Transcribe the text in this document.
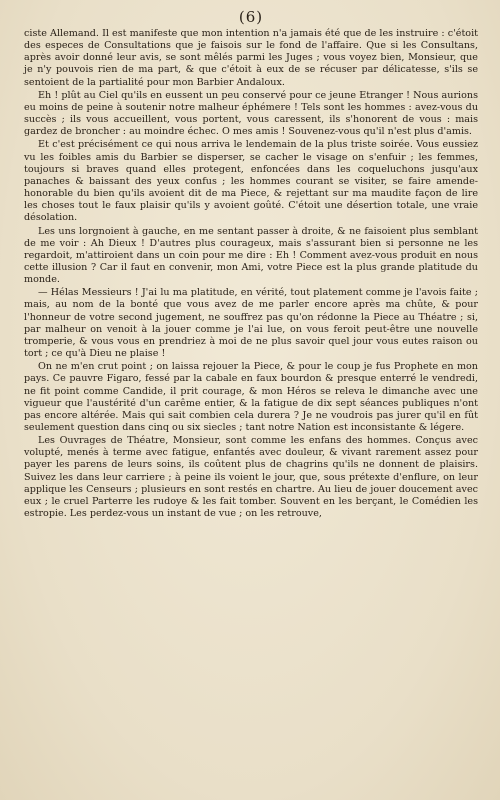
(6)

ciste Allemand. Il est manifeste que mon intention n'a jamais été que de les instruire : c'étoit des especes de Consultations que je faisois sur le fond de l'affaire. Que si les Consultans, après avoir donné leur avis, se sont mêlés parmi les Juges ; vous voyez bien, Monsieur, que je n'y pouvois rien de ma part, & que c'étoit à eux de se récuser par délicatesse, s'ils se sentoient de la partialité pour mon Barbier Andaloux.

Eh ! plût au Ciel qu'ils en eussent un peu conservé pour ce jeune Etranger ! Nous aurions eu moins de peine à soutenir notre malheur éphémere ! Tels sont les hommes : avez-vous du succès ; ils vous accueillent, vous portent, vous caressent, ils s'honorent de vous : mais gardez de broncher : au moindre échec. O mes amis ! Souvenez-vous qu'il n'est plus d'amis.

Et c'est précisément ce qui nous arriva le lendemain de la plus triste soirée. Vous eussiez vu les foibles amis du Barbier se disperser, se cacher le visage on s'enfuir ; les femmes, toujours si braves quand elles protegent, enfoncées dans les coqueluchons jusqu'aux panaches & baissant des yeux confus ; les hommes courant se visiter, se faire amende-honorable du bien qu'ils avoient dit de ma Piece, & rejettant sur ma maudite façon de lire les choses tout le faux plaisir qu'ils y avoient goûté. C'étoit une désertion totale, une vraie désolation.

Les uns lorgnoient à gauche, en me sentant passer à droite, & ne faisoient plus semblant de me voir : Ah Dieux ! D'autres plus courageux, mais s'assurant bien si personne ne les regardoit, m'attiroient dans un coin pour me dire : Eh ! Comment avez-vous produit en nous cette illusion ? Car il faut en convenir, mon Ami, votre Piece est la plus grande platitude du monde.

— Hélas Messieurs ! J'ai lu ma platitude, en vérité, tout platement comme je l'avois faite ; mais, au nom de la bonté que vous avez de me parler encore après ma chûte, & pour l'honneur de votre second jugement, ne souffrez pas qu'on rédonne la Piece au Théatre ; si, par malheur on venoit à la jouer comme je l'ai lue, on vous feroit peut-être une nouvelle tromperie, & vous vous en prendriez à moi de ne plus savoir quel jour vous eutes raison ou tort ; ce qu'à Dieu ne plaise !

On ne m'en crut point ; on laissa rejouer la Piece, & pour le coup je fus Prophete en mon pays. Ce pauvre Figaro, fessé par la cabale en faux bourdon & presque enterré le vendredi, ne fit point comme Candide, il prit courage, & mon Héros se releva le dimanche avec une vigueur que l'austérité d'un carême entier, & la fatigue de dix sept séances publiques n'ont pas encore altérée. Mais qui sait combien cela durera ? Je ne voudrois pas jurer qu'il en fût seulement question dans cinq ou six siecles ; tant notre Nation est inconsistante & légere.

Les Ouvrages de Théatre, Monsieur, sont comme les enfans des hommes. Conçus avec volupté, menés à terme avec fatigue, enfantés avec douleur, & vivant rarement assez pour payer les parens de leurs soins, ils coûtent plus de chagrins qu'ils ne donnent de plaisirs. Suivez les dans leur carriere ; à peine ils voient le jour, que, sous prétexte d'enflure, on leur applique les Censeurs ; plusieurs en sont restés en chartre. Au lieu de jouer doucement avec eux ; le cruel Parterre les rudoye & les fait tomber. Souvent en les berçant, le Comédien les estropie. Les perdez-vous un instant de vue ; on les retrouve,
